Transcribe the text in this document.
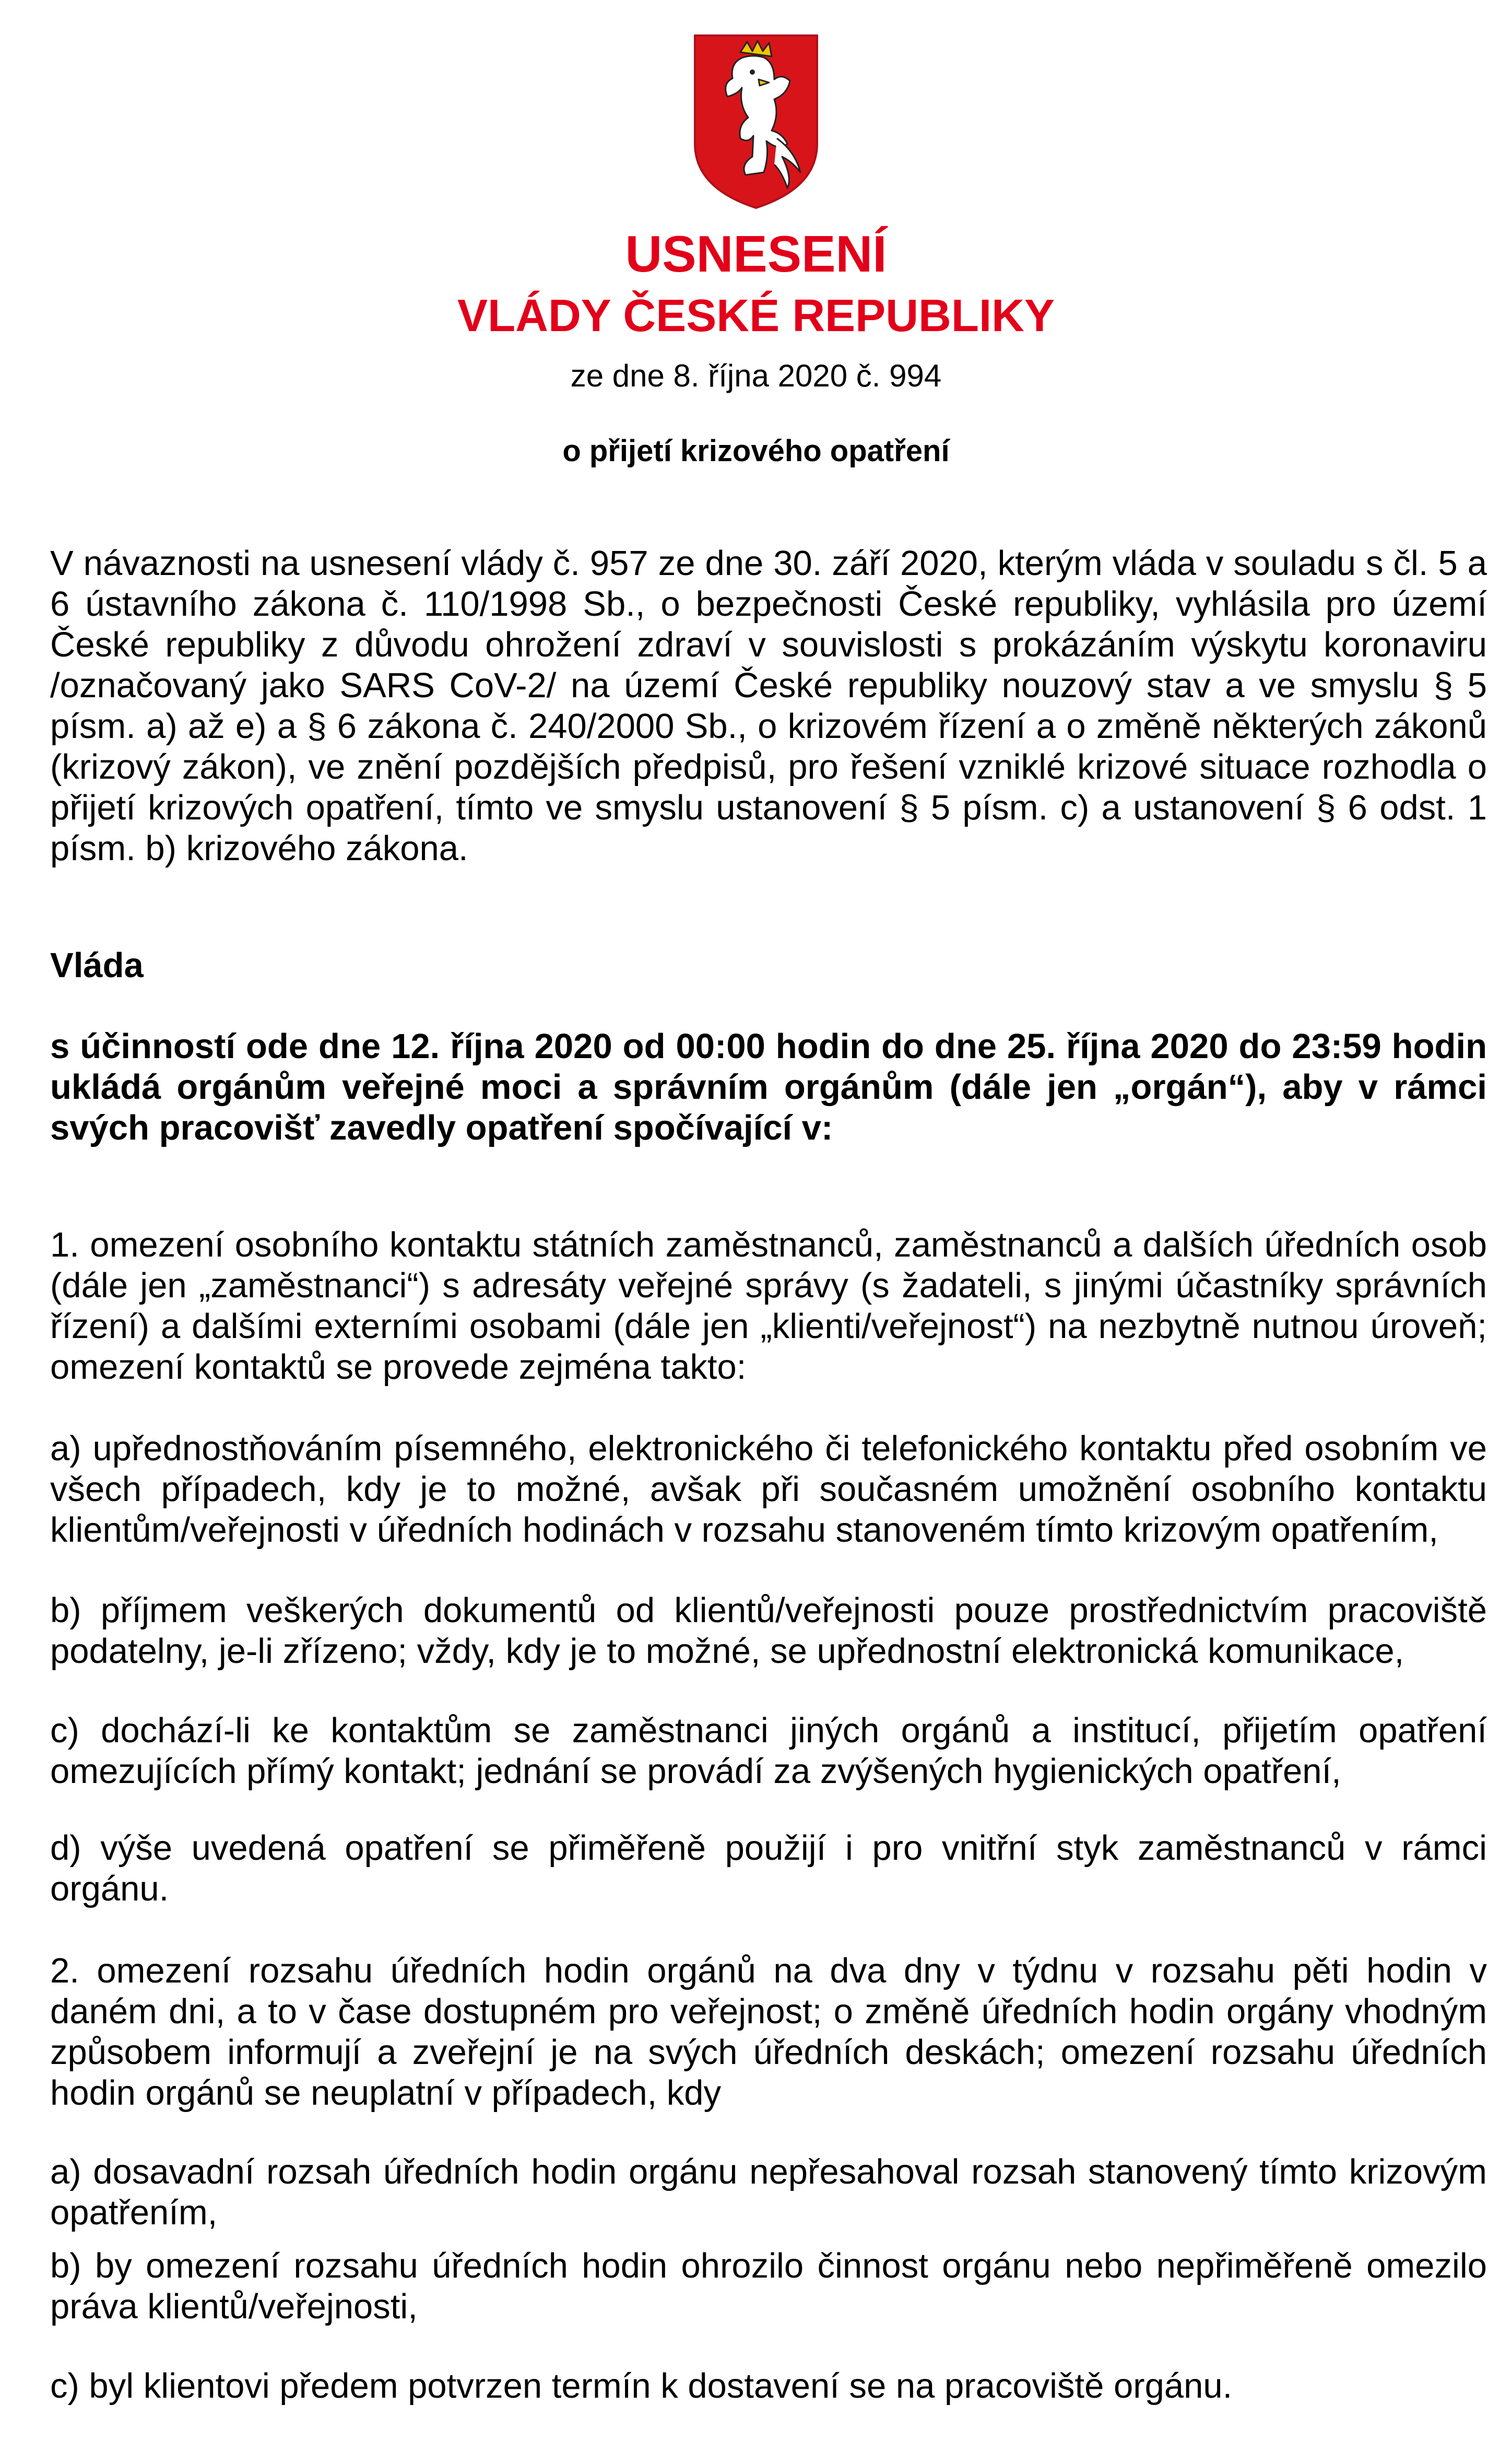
USNESENÍ
VLÁDY ČESKÉ REPUBLIKY
ze dne 8. října 2020 č. 994
o přijetí krizového opatření

V návaznosti na usnesení vlády č. 957 ze dne 30. září 2020, kterým vláda v souladu s čl. 5 a 6 ústavního zákona č. 110/1998 Sb., o bezpečnosti České republiky, vyhlásila pro území České republiky z důvodu ohrožení zdraví v souvislosti s prokázáním výskytu koronaviru /označovaný jako SARS CoV-2/ na území České republiky nouzový stav a ve smyslu § 5 písm. a) až e) a § 6 zákona č. 240/2000 Sb., o krizovém řízení a o změně některých zákonů (krizový zákon), ve znění pozdějších předpisů, pro řešení vzniklé krizové situace rozhodla o přijetí krizových opatření, tímto ve smyslu ustanovení § 5 písm. c) a ustanovení § 6 odst. 1 písm. b) krizového zákona.

Vláda

s účinností ode dne 12. října 2020 od 00:00 hodin do dne 25. října 2020 do 23:59 hodin ukládá orgánům veřejné moci a správním orgánům (dále jen „orgán“), aby v rámci svých pracovišť zavedly opatření spočívající v:

1. omezení osobního kontaktu státních zaměstnanců, zaměstnanců a dalších úředních osob (dále jen „zaměstnanci“) s adresáty veřejné správy (s žadateli, s jinými účastníky správních řízení) a dalšími externími osobami (dále jen „klienti/veřejnost“) na nezbytně nutnou úroveň; omezení kontaktů se provede zejména takto:

a) upřednostňováním písemného, elektronického či telefonického kontaktu před osobním ve všech případech, kdy je to možné, avšak při současném umožnění osobního kontaktu klientům/veřejnosti v úředních hodinách v rozsahu stanoveném tímto krizovým opatřením,

b) příjmem veškerých dokumentů od klientů/veřejnosti pouze prostřednictvím pracoviště podatelny, je-li zřízeno; vždy, kdy je to možné, se upřednostní elektronická komunikace,

c) dochází-li ke kontaktům se zaměstnanci jiných orgánů a institucí, přijetím opatření omezujících přímý kontakt; jednání se provádí za zvýšených hygienických opatření,

d) výše uvedená opatření se přiměřeně použijí i pro vnitřní styk zaměstnanců v rámci orgánu.

2. omezení rozsahu úředních hodin orgánů na dva dny v týdnu v rozsahu pěti hodin v daném dni, a to v čase dostupném pro veřejnost; o změně úředních hodin orgány vhodným způsobem informují a zveřejní je na svých úředních deskách; omezení rozsahu úředních hodin orgánů se neuplatní v případech, kdy

a) dosavadní rozsah úředních hodin orgánu nepřesahoval rozsah stanovený tímto krizovým opatřením,

b) by omezení rozsahu úředních hodin ohrozilo činnost orgánu nebo nepřiměřeně omezilo práva klientů/veřejnosti,

c) byl klientovi předem potvrzen termín k dostavení se na pracoviště orgánu.
